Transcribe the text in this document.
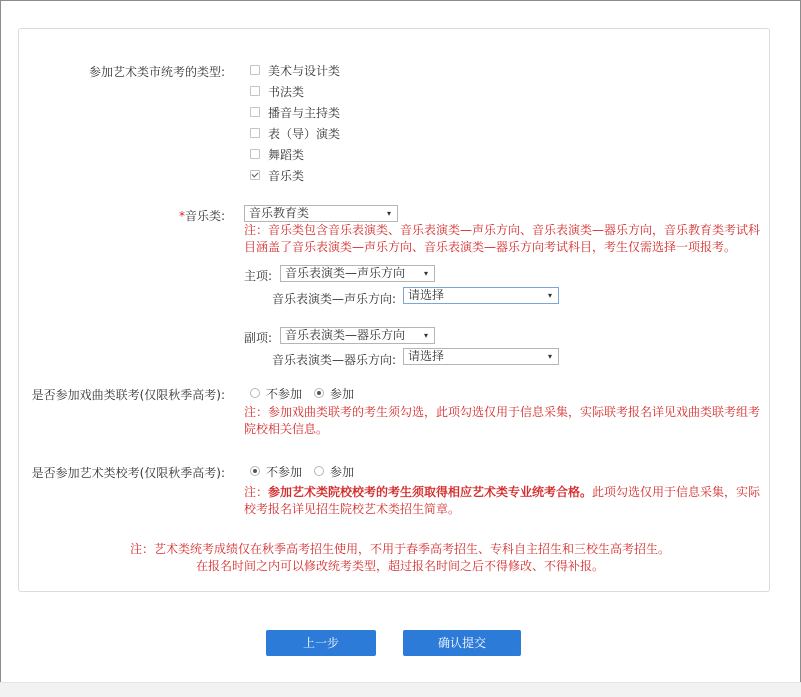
参加艺术类市统考的类型:	美术与设计类
书法类
播音与主持类
表（导）演类
舞蹈类
音乐类
*音乐类:	音乐教育类	▾
注：音乐类包含音乐表演类、音乐表演类—声乐方向、音乐表演类—器乐方向，音乐教育类考试科
目涵盖了音乐表演类—声乐方向、音乐表演类—器乐方向考试科目，考生仅需选择一项报考。
主项:	音乐表演类—声乐方向 ▾
音乐表演类—声乐方向: 请选择	▾
副项:	音乐表演类—器乐方向 ▾
音乐表演类—器乐方向: 请选择	▾
是否参加戏曲类联考(仅限秋季高考):	不参加 参加
注：参加戏曲类联考的考生须勾选，此项勾选仅用于信息采集，实际联考报名详见戏曲类联考组考
院校相关信息。
是否参加艺术类校考(仅限秋季高考):	不参加 参加
注：参加艺术类院校校考的考生须取得相应艺术类专业统考合格。此项勾选仅用于信息采集，实际
校考报名详见招生院校艺术类招生简章。
注：艺术类统考成绩仅在秋季高考招生使用，不用于春季高考招生、专科自主招生和三校生高考招生。
在报名时间之内可以修改统考类型，超过报名时间之后不得修改、不得补报。
上一步	确认提交
